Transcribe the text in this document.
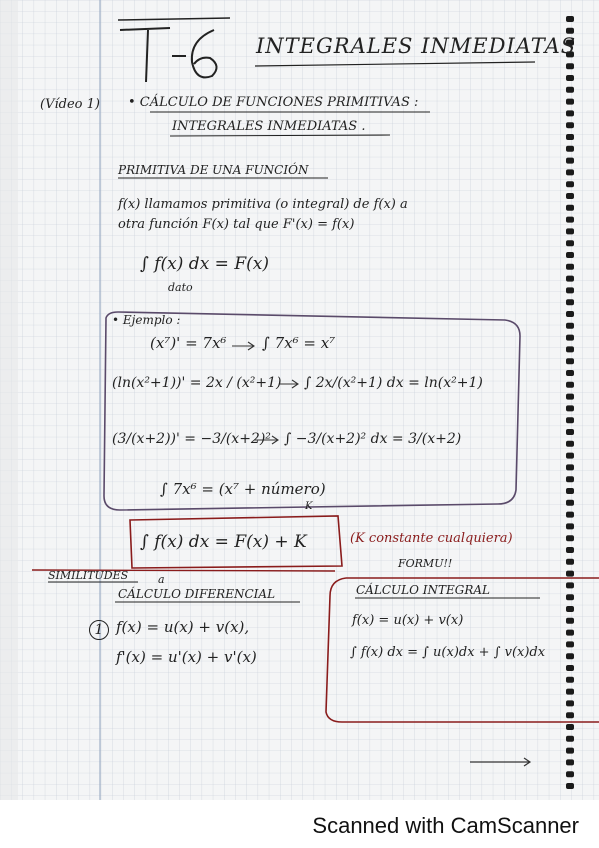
INTEGRALES INMEDIATAS
(Vídeo 1) • CÁLCULO DE FUNCIONES PRIMITIVAS :
INTEGRALES INMEDIATAS .
PRIMITIVA DE UNA FUNCIÓN
f(x) llamamos primitiva (o integral) de f(x) a
otra función F(x) tal que F'(x) = f(x)
∫ f(x) dx = F(x)
dato
• Ejemplo :
(x⁷)' = 7x⁶ ∫ 7x⁶ = x⁷
(ln(x²+1))' = 2x / (x²+1) ∫ 2x/(x²+1) dx = ln(x²+1)
(3/(x+2))' = −3/(x+2)² ∫ −3/(x+2)² dx = 3/(x+2)
∫ 7x⁶ = (x⁷ + número)
K
∫ f(x) dx = F(x) + K	(K constante cualquiera)
FORMU!!
SIMILITUDES	a
CÁLCULO DIFERENCIAL
1 f(x) = u(x) + v(x),
f'(x) = u'(x) + v'(x)
CÁLCULO INTEGRAL
f(x) = u(x) + v(x)
∫ f(x) dx = ∫ u(x)dx + ∫ v(x)dx
Scanned with CamScanner
